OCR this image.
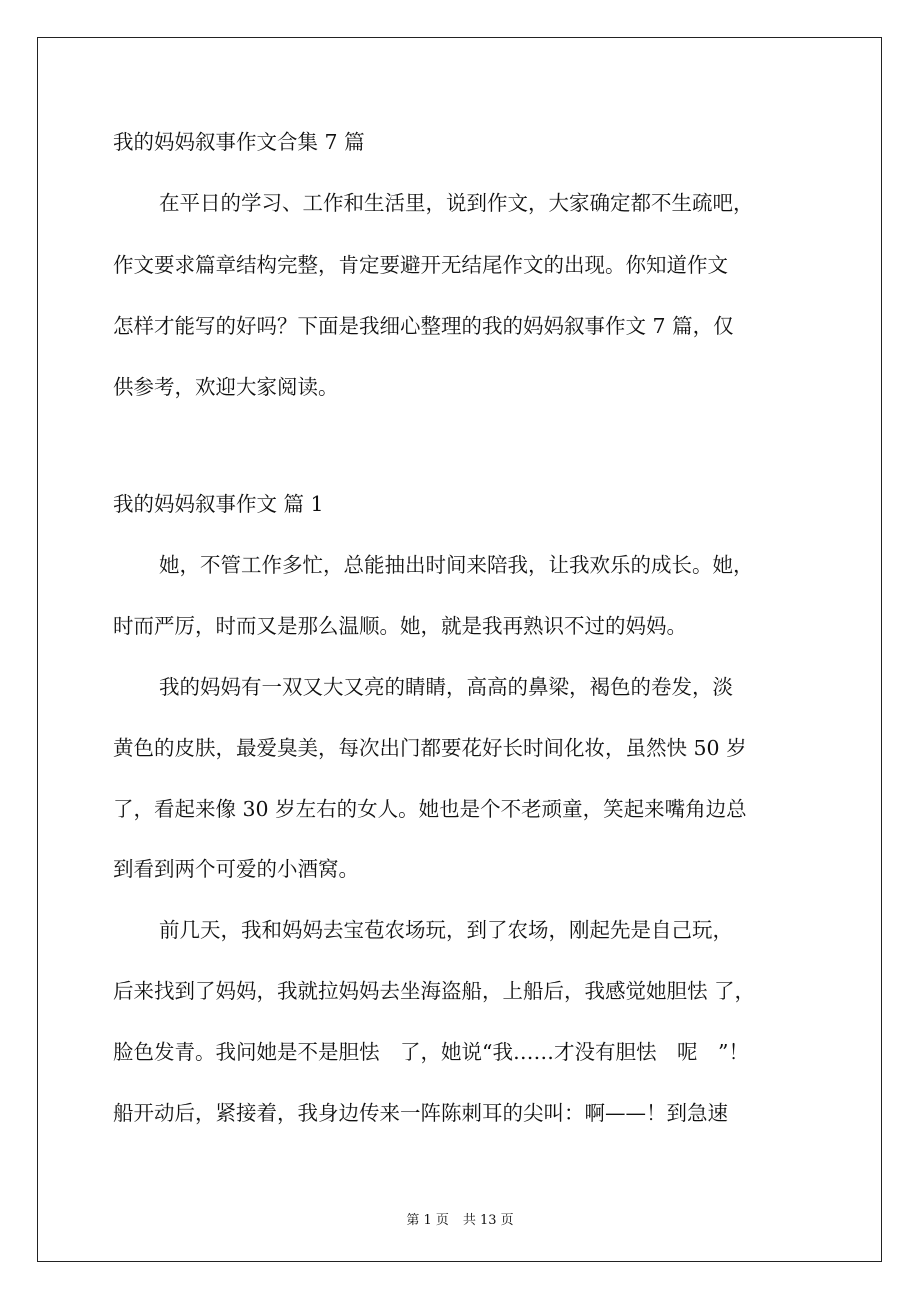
我的妈妈叙事作文合集 7 篇
在平日的学习、工作和生活里，说到作文，大家确定都不生疏吧，
作文要求篇章结构完整，肯定要避开无结尾作文的出现。你知道作文
怎样才能写的好吗？下面是我细心整理的我的妈妈叙事作文 7 篇，仅
供参考，欢迎大家阅读。
我的妈妈叙事作文 篇 1
她，不管工作多忙，总能抽出时间来陪我，让我欢乐的成长。她，
时而严厉，时而又是那么温顺。她，就是我再熟识不过的妈妈。
我的妈妈有一双又大又亮的睛睛，高高的鼻梁，褐色的卷发，淡
黄色的皮肤，最爱臭美，每次出门都要花好长时间化妆，虽然快 50 岁
了，看起来像 30 岁左右的女人。她也是个不老顽童，笑起来嘴角边总
到看到两个可爱的小酒窝。
前几天，我和妈妈去宝苞农场玩，到了农场，刚起先是自己玩，
后来找到了妈妈，我就拉妈妈去坐海盗船，上船后，我感觉她胆怯 了，
脸色发青。我问她是不是胆怯　了，她说“我……才没有胆怯　呢　”！
船开动后，紧接着，我身边传来一阵陈刺耳的尖叫：啊——！到急速
第 1 页 共 13 页
